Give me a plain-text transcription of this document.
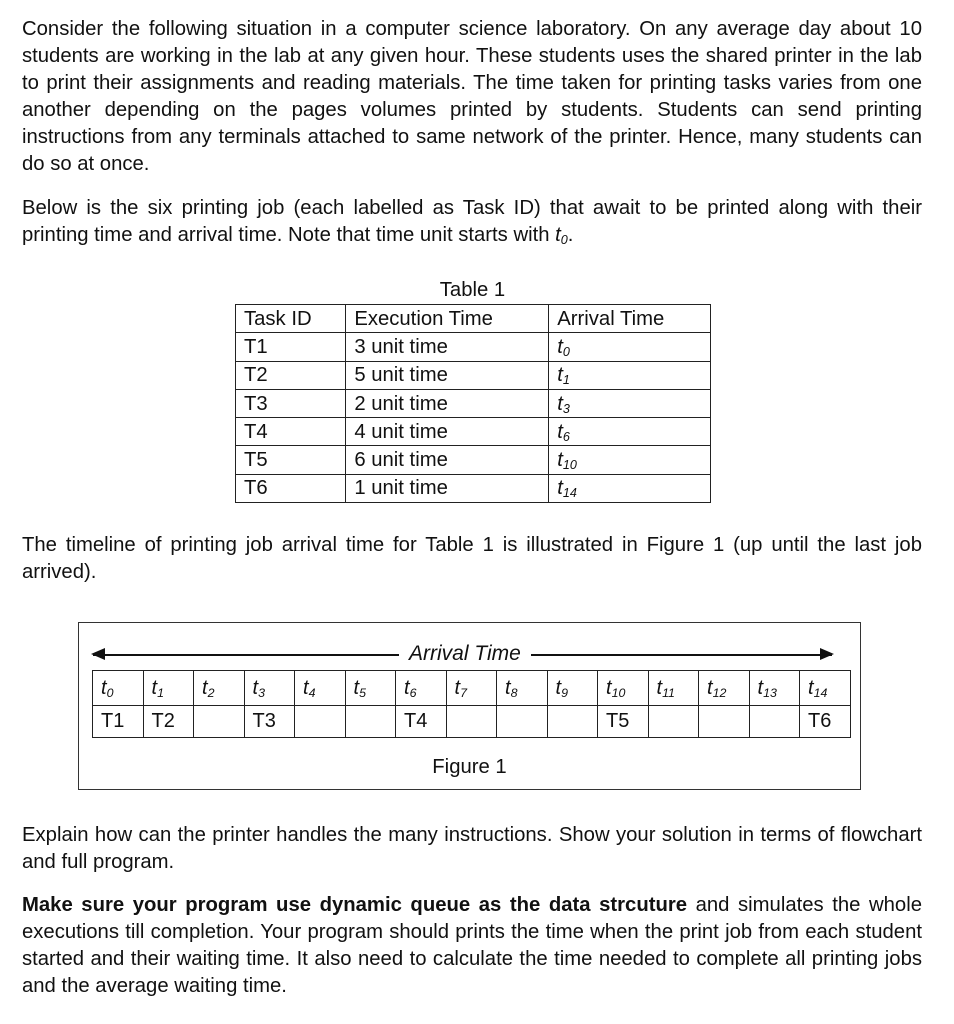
Consider the following situation in a computer science laboratory. On any average day about 10 students are working in the lab at any given hour. These students uses the shared printer in the lab to print their assignments and reading materials. The time taken for printing tasks varies from one another depending on the pages volumes printed by students. Students can send printing instructions from any terminals attached to same network of the printer. Hence, many students can do so at once.

Below is the six printing job (each labelled as Task ID) that await to be printed along with their printing time and arrival time. Note that time unit starts with $t_0$.

Table 1
Task ID	Execution Time	Arrival Time
T1	3 unit time	$t_0$
T2	5 unit time	$t_1$
T3	2 unit time	$t_3$
T4	4 unit time	$t_6$
T5	6 unit time	$t_{10}$
T6	1 unit time	$t_{14}$

The timeline of printing job arrival time for Table 1 is illustrated in Figure 1 (up until the last job arrived).

Arrival Time
$t_0$	$t_1$	$t_2$	$t_3$	$t_4$	$t_5$	$t_6$	$t_7$	$t_8$	$t_9$	$t_{10}$	$t_{11}$	$t_{12}$	$t_{13}$	$t_{14}$
T1	T2		T3			T4				T5				T6
Figure 1

Explain how can the printer handles the many instructions. Show your solution in terms of flowchart and full program.

Make sure your program use dynamic queue as the data strcuture and simulates the whole executions till completion. Your program should prints the time when the print job from each student started and their waiting time. It also need to calculate the time needed to complete all printing jobs and the average waiting time.
